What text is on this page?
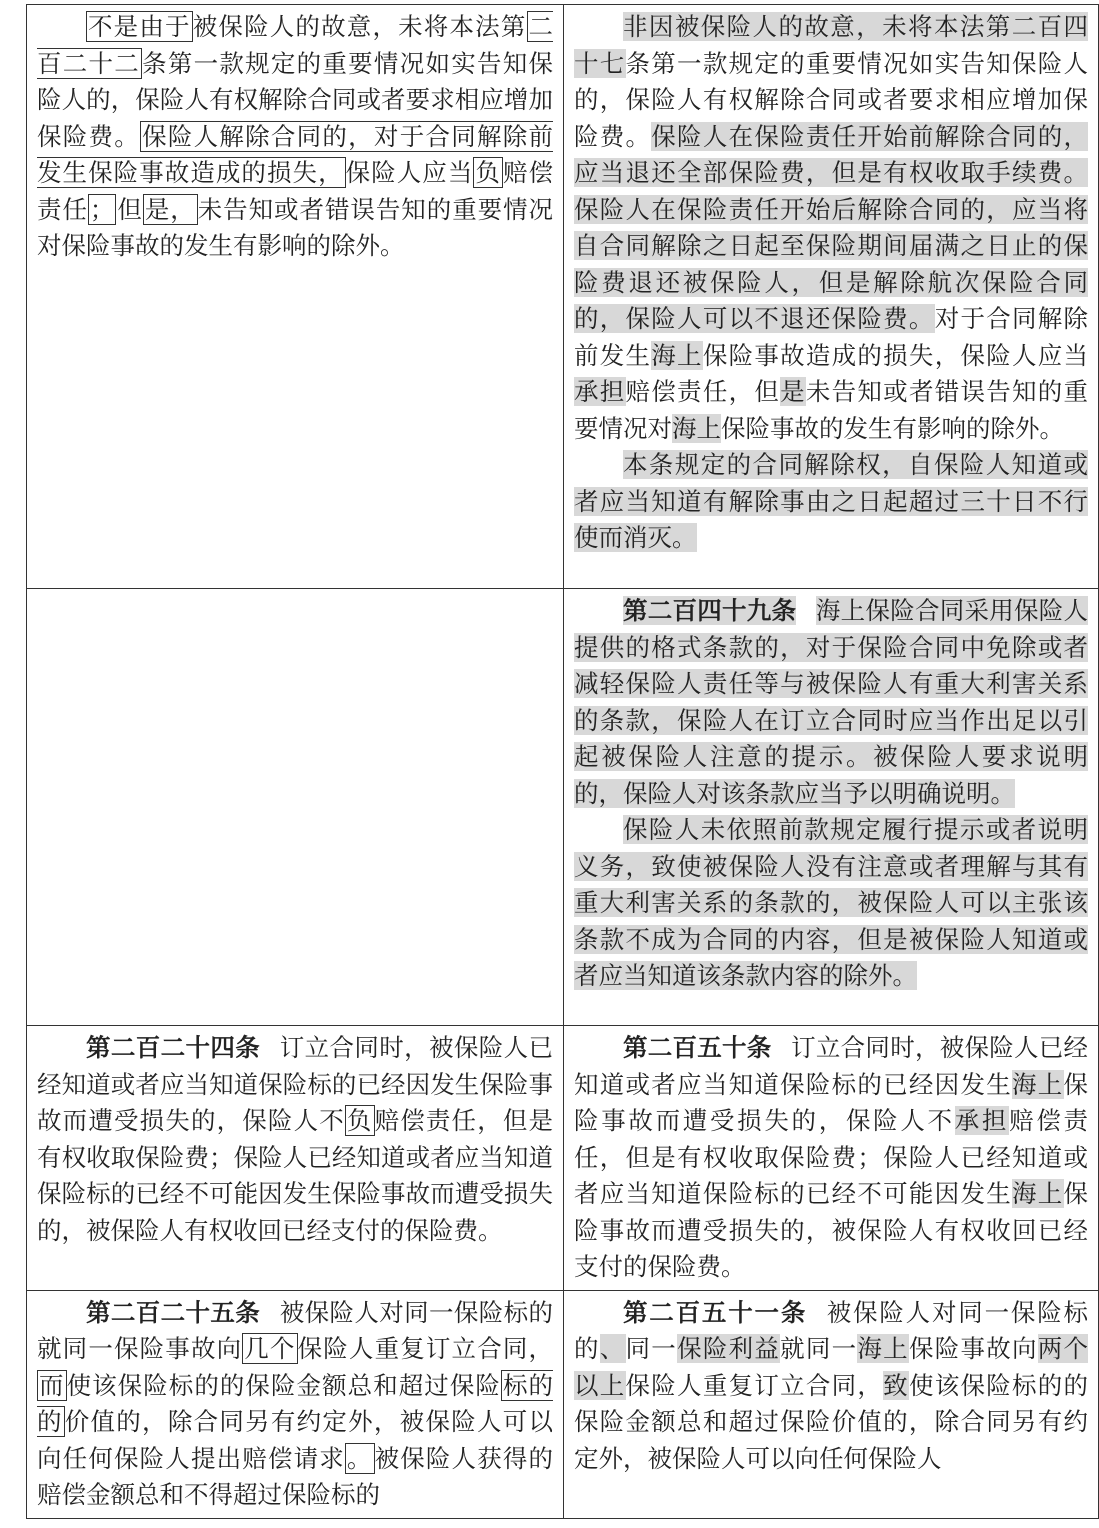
不是由于被保险人的故意，未将本法第二百二十二条第一款规定的重要情况如实告知保险人的，保险人有权解除合同或者要求相应增加保险费。保险人解除合同的，对于合同解除前发生保险事故造成的损失，保险人应当负赔偿责任；但是，未告知或者错误告知的重要情况对保险事故的发生有影响的除外。	非因被保险人的故意，未将本法第二百四十七条第一款规定的重要情况如实告知保险人的，保险人有权解除合同或者要求相应增加保险费。保险人在保险责任开始前解除合同的，应当退还全部保险费，但是有权收取手续费。保险人在保险责任开始后解除合同的，应当将自合同解除之日起至保险期间届满之日止的保险费退还被保险人，但是解除航次保险合同的，保险人可以不退还保险费。对于合同解除前发生海上保险事故造成的损失，保险人应当承担赔偿责任，但是未告知或者错误告知的重要情况对海上保险事故的发生有影响的除外。

本条规定的合同解除权，自保险人知道或者应当知道有解除事由之日起超过三十日不行使而消灭。

	第二百四十九条 海上保险合同采用保险人提供的格式条款的，对于保险合同中免除或者减轻保险人责任等与被保险人有重大利害关系的条款，保险人在订立合同时应当作出足以引起被保险人注意的提示。被保险人要求说明的，保险人对该条款应当予以明确说明。

保险人未依照前款规定履行提示或者说明义务，致使被保险人没有注意或者理解与其有重大利害关系的条款的，被保险人可以主张该条款不成为合同的内容，但是被保险人知道或者应当知道该条款内容的除外。

第二百二十四条 订立合同时，被保险人已经知道或者应当知道保险标的已经因发生保险事故而遭受损失的，保险人不负赔偿责任，但是有权收取保险费；保险人已经知道或者应当知道保险标的已经不可能因发生保险事故而遭受损失的，被保险人有权收回已经支付的保险费。	第二百五十条 订立合同时，被保险人已经知道或者应当知道保险标的已经因发生海上保险事故而遭受损失的，保险人不承担赔偿责任，但是有权收取保险费；保险人已经知道或者应当知道保险标的已经不可能因发生海上保险事故而遭受损失的，被保险人有权收回已经支付的保险费。

第二百二十五条 被保险人对同一保险标的就同一保险事故向几个保险人重复订立合同，而使该保险标的的保险金额总和超过保险标的的价值的，除合同另有约定外，被保险人可以向任何保险人提出赔偿请求。被保险人获得的赔偿金额总和不得超过保险标的	第二百五十一条 被保险人对同一保险标的、同一保险利益就同一海上保险事故向两个以上保险人重复订立合同，致使该保险标的的保险金额总和超过保险价值的，除合同另有约定外，被保险人可以向任何保险人
